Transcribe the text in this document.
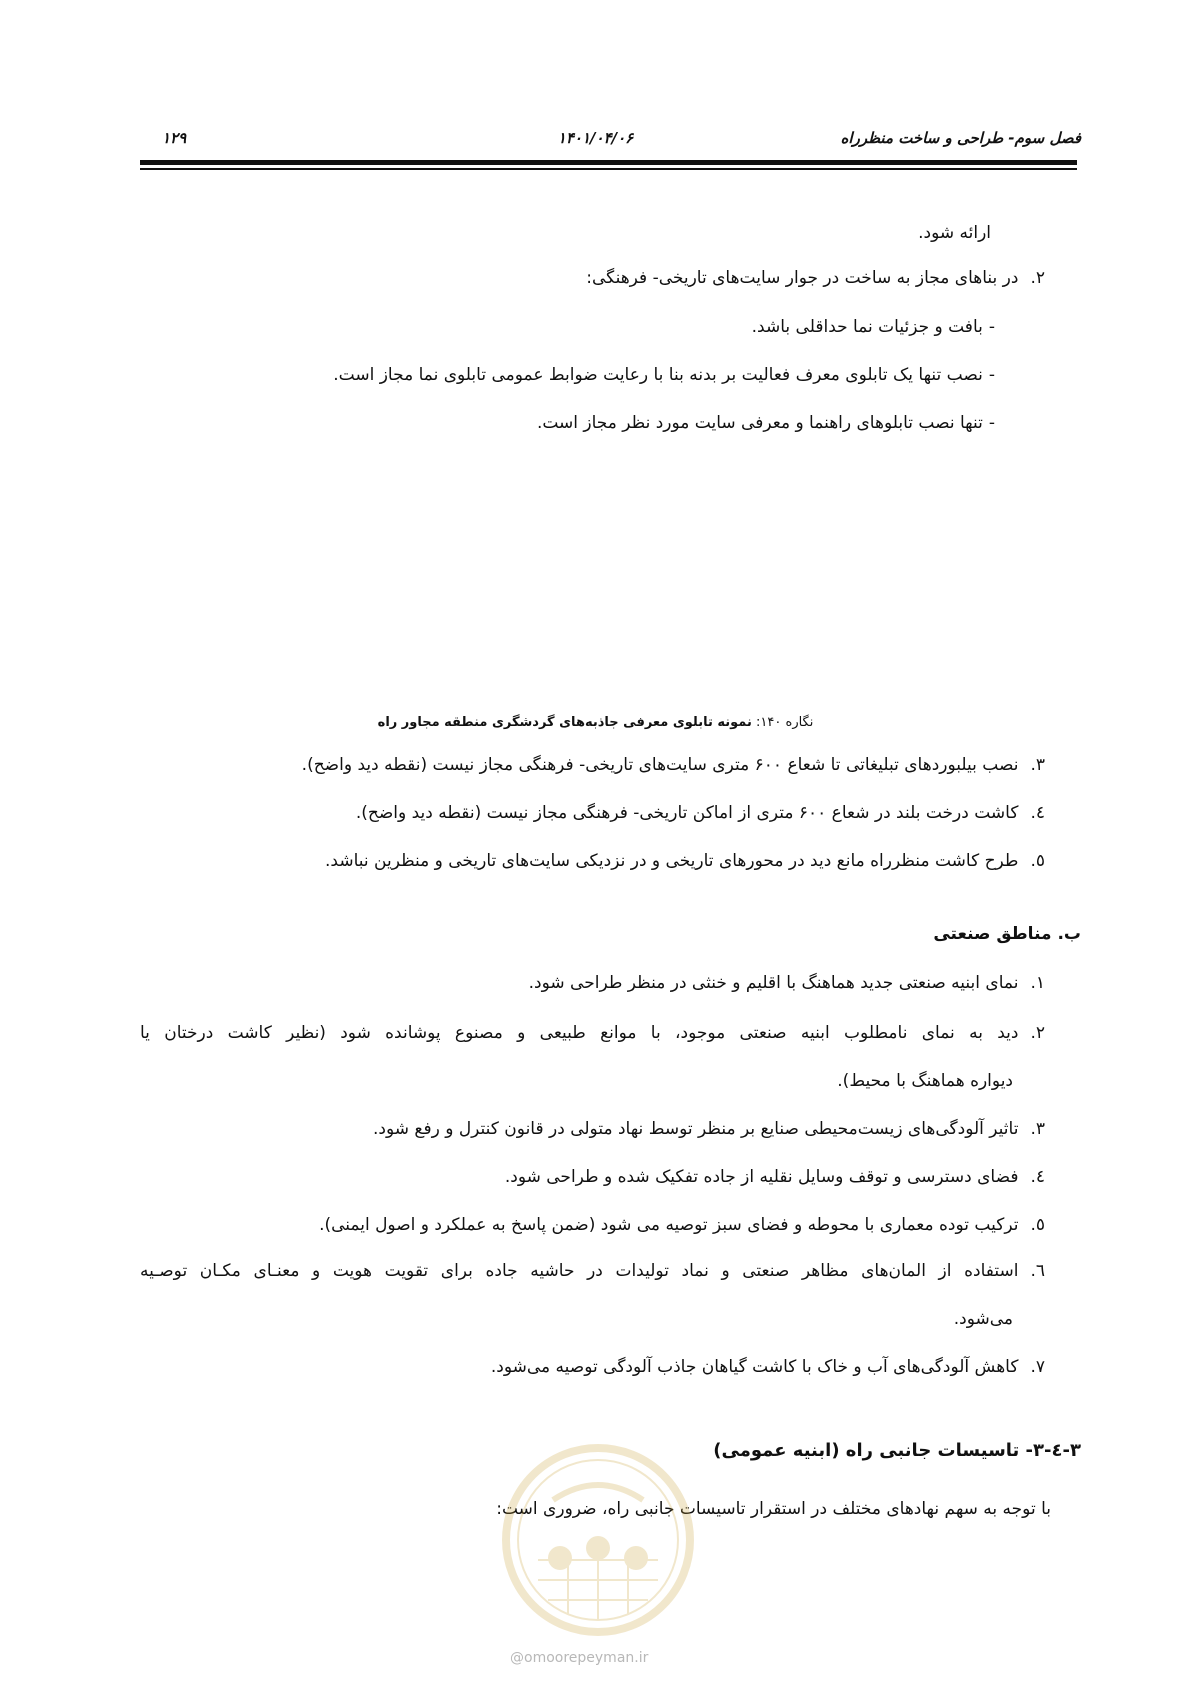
فصل سوم- طراحی و ساخت منظرراه
۱۴۰۱/۰۴/۰۶
۱۲۹
ارائه شود.
۲.در بناهای مجاز به ساخت در جوار سایت‌های تاریخی- فرهنگی:
-بافت و جزئیات نما حداقلی باشد.
-نصب تنها یک تابلوی معرف فعالیت بر بدنه بنا با رعایت ضوابط عمومی تابلوی نما مجاز است.
-تنها نصب تابلوهای راهنما و معرفی سایت مورد نظر مجاز است.
نگاره ۱۴۰: نمونه تابلوی معرفی جاذبه‌های گردشگری منطقه مجاور راه
۳.نصب بیلبوردهای تبلیغاتی تا شعاع ۶۰۰ متری سایت‌های تاریخی- فرهنگی مجاز نیست (نقطه دید واضح).
٤.کاشت درخت بلند در شعاع ۶۰۰ متری از اماکن تاریخی- فرهنگی مجاز نیست (نقطه دید واضح).
٥.طرح کاشت منظرراه مانع دید در محورهای تاریخی و در نزدیکی سایت‌های تاریخی و منظرین نباشد.
ب. مناطق صنعتی
۱.نمای ابنیه صنعتی جدید هماهنگ با اقلیم و خنثی در منظر طراحی شود.
۲.دید به نمای نامطلوب ابنیه صنعتی موجود، با موانع طبیعی و مصنوع پوشانده شود (نظیر کاشت درختان یا
دیواره هماهنگ با محیط).
۳.تاثیر آلودگی‌های زیست‌محیطی صنایع بر منظر توسط نهاد متولی در قانون کنترل و رفع شود.
٤.فضای دسترسی و توقف وسایل نقلیه از جاده تفکیک شده و طراحی شود.
٥.ترکیب توده معماری با محوطه و فضای سبز توصیه می شود (ضمن پاسخ به عملکرد و اصول ایمنی).
٦.استفاده از المان‌های مظاهر صنعتی و نماد تولیدات در حاشیه جاده برای تقویت هویت و معنـای مکـان توصـیه
می‌شود.
۷.کاهش آلودگی‌های آب و خاک با کاشت گیاهان جاذب آلودگی توصیه می‌شود.
۳-٤-۳- تاسیسات جانبی راه (ابنیه عمومی)
با توجه به سهم نهادهای مختلف در استقرار تاسیسات جانبی راه، ضروری است:
@omoorepeyman.ir
